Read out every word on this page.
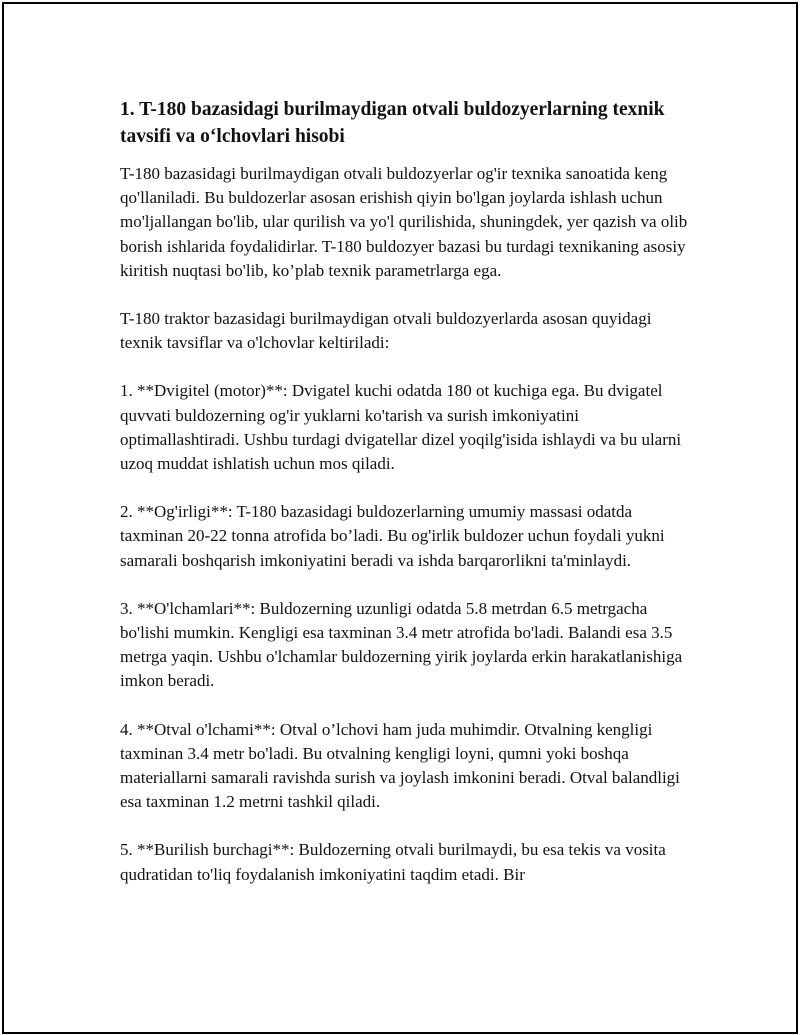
1. T-180 bazasidagi burilmaydigan otvali buldozyerlarning texnik tavsifi va o‘lchovlari hisobi

T-180 bazasidagi burilmaydigan otvali buldozyerlar og'ir texnika sanoatida keng qo'llaniladi. Bu buldozerlar asosan erishish qiyin bo'lgan joylarda ishlash uchun mo'ljallangan bo'lib, ular qurilish va yo'l qurilishida, shuningdek, yer qazish va olib borish ishlarida foydalidirlar. T-180 buldozyer bazasi bu turdagi texnikaning asosiy kiritish nuqtasi bo'lib, ko’plab texnik parametrlarga ega.

T-180 traktor bazasidagi burilmaydigan otvali buldozyerlarda asosan quyidagi texnik tavsiflar va o'lchovlar keltiriladi:

1. **Dvigitel (motor)**: Dvigatel kuchi odatda 180 ot kuchiga ega. Bu dvigatel quvvati buldozerning og'ir yuklarni ko'tarish va surish imkoniyatini optimallashtiradi. Ushbu turdagi dvigatellar dizel yoqilg'isida ishlaydi va bu ularni uzoq muddat ishlatish uchun mos qiladi.

2. **Og'irligi**: T-180 bazasidagi buldozerlarning umumiy massasi odatda taxminan 20-22 tonna atrofida bo’ladi. Bu og'irlik buldozer uchun foydali yukni samarali boshqarish imkoniyatini beradi va ishda barqarorlikni ta'minlaydi.

3. **O'lchamlari**: Buldozerning uzunligi odatda 5.8 metrdan 6.5 metrgacha bo'lishi mumkin. Kengligi esa taxminan 3.4 metr atrofida bo'ladi. Balandi esa 3.5 metrga yaqin. Ushbu o'lchamlar buldozerning yirik joylarda erkin harakatlanishiga imkon beradi.

4. **Otval o'lchami**: Otval o’lchovi ham juda muhimdir. Otvalning kengligi taxminan 3.4 metr bo'ladi. Bu otvalning kengligi loyni, qumni yoki boshqa materiallarni samarali ravishda surish va joylash imkonini beradi. Otval balandligi esa taxminan 1.2 metrni tashkil qiladi.

5. **Burilish burchagi**: Buldozerning otvali burilmaydi, bu esa tekis va vosita qudratidan to'liq foydalanish imkoniyatini taqdim etadi. Bir
